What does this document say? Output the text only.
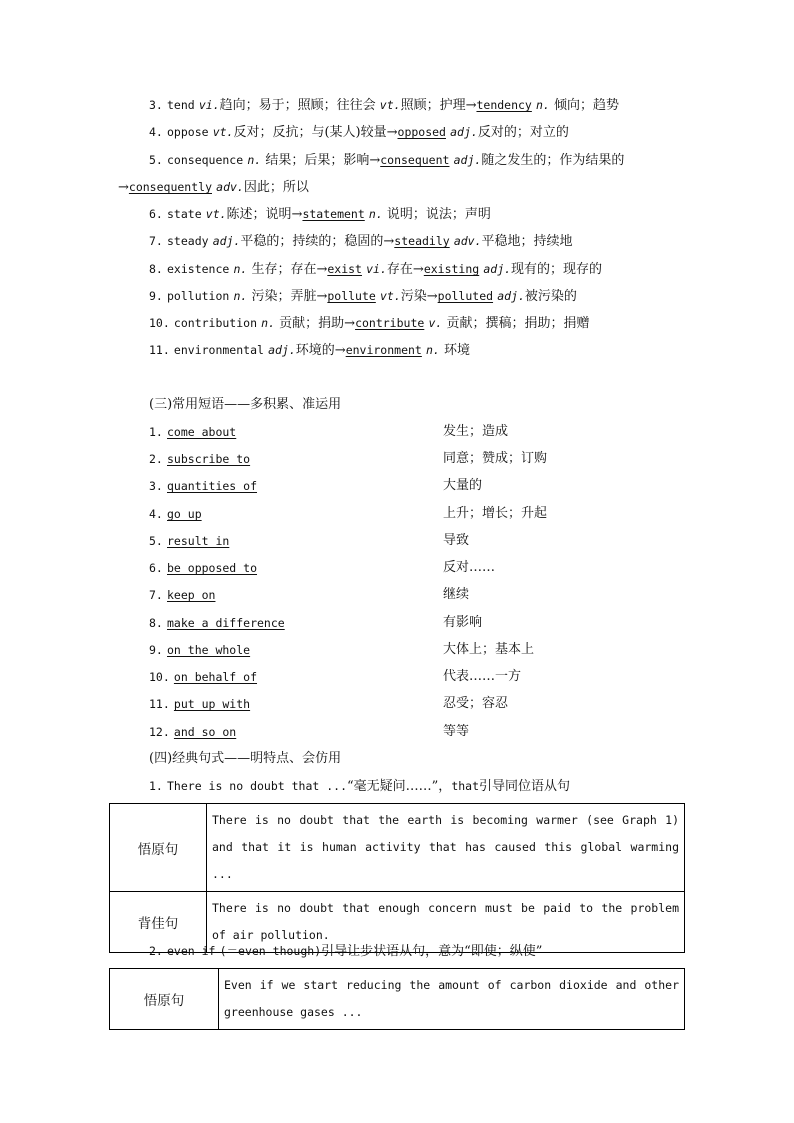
3. tend vi.趋向；易于；照顾；往往会 vt.照顾；护理→tendency n. 倾向；趋势
4. oppose vt.反对；反抗；与(某人)较量→opposed adj.反对的；对立的
5. consequence n. 结果；后果；影响→consequent adj.随之发生的；作为结果的
→consequently adv.因此；所以
6. state vt.陈述；说明→statement n. 说明；说法；声明
7. steady adj.平稳的；持续的；稳固的→steadily adv.平稳地；持续地
8. existence n. 生存；存在→exist vi.存在→existing adj.现有的；现存的
9. pollution n. 污染；弄脏→pollute vt.污染→polluted adj.被污染的
10. contribution n. 贡献；捐助→contribute v. 贡献；撰稿；捐助；捐赠
11. environmental adj.环境的→environment n. 环境
(三)常用短语——多积累、准运用
1. come about	发生；造成
2. subscribe to	同意；赞成；订购
3. quantities of	大量的
4. go up	上升；增长；升起
5. result in	导致
6. be opposed to	反对……
7. keep on	继续
8. make a difference	有影响
9. on the whole	大体上；基本上
10. on behalf of	代表……一方
11. put up with	忍受；容忍
12. and so on	等等
(四)经典句式——明特点、会仿用
1. There is no doubt that ...“毫无疑问……”，that引导同位语从句
悟原句	There is no doubt that the earth is becoming warmer (see Graph 1) and that it is human activity that has caused this global warming ...
背佳句	There is no doubt that enough concern must be paid to the problem of air pollution.
2. even if (＝even though)引导让步状语从句，意为“即使；纵使”
悟原句	Even if we start reducing the amount of carbon dioxide and other greenhouse gases ...
